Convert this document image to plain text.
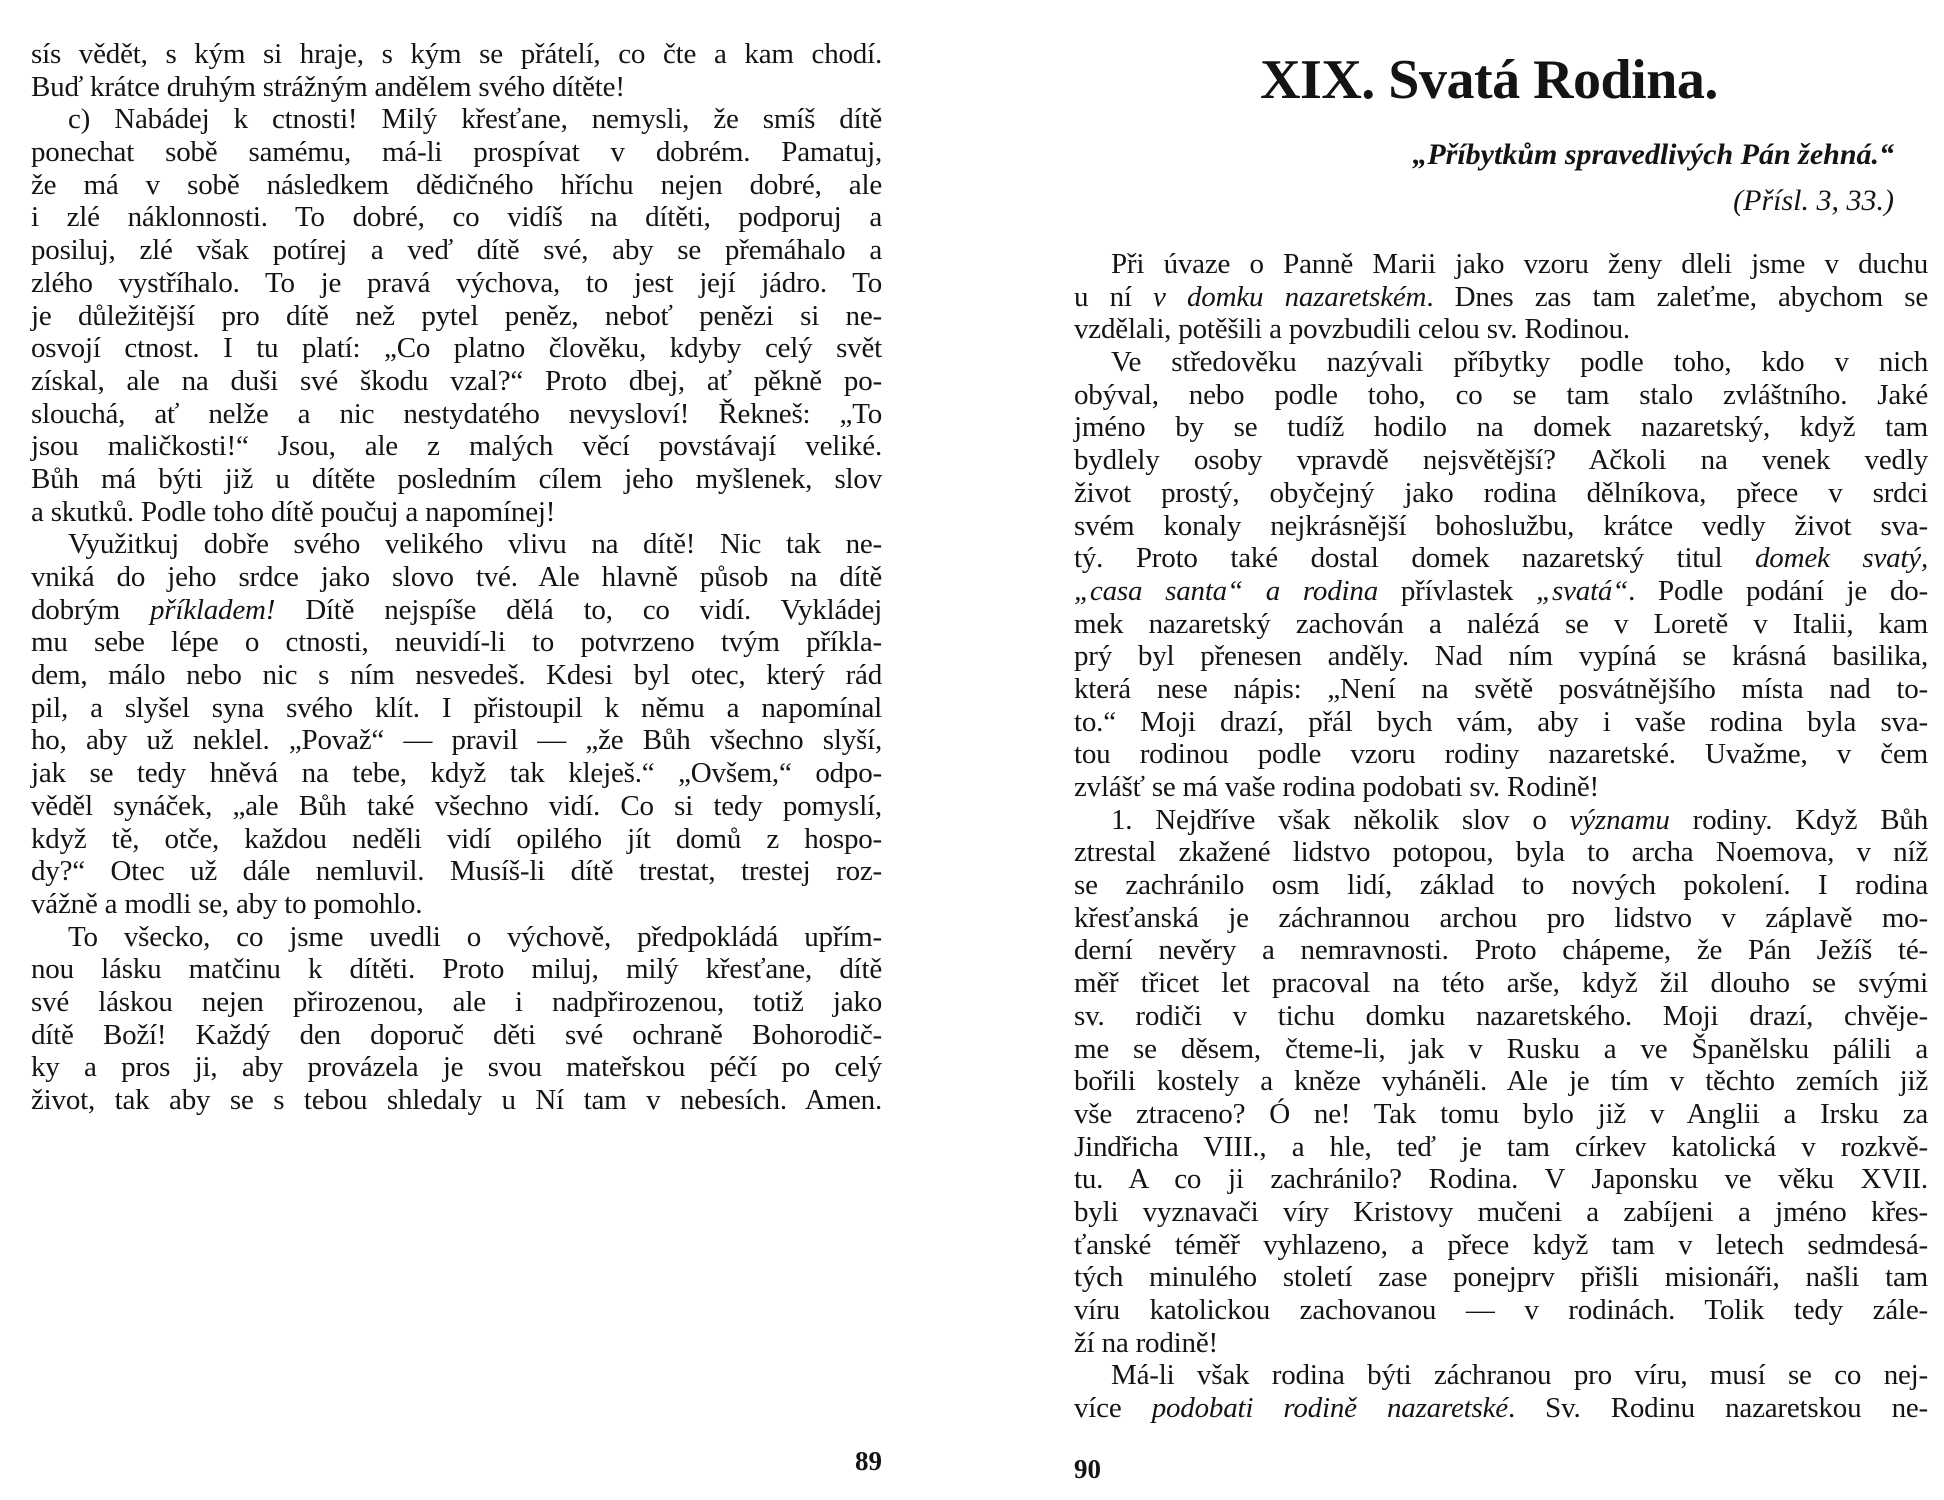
sís vědět, s kým si hraje, s kým se přátelí, co čte a kam chodí.
Buď krátce druhým strážným andělem svého dítěte!
c) Nabádej k ctnosti! Milý křesťane, nemysli, že smíš dítě
ponechat sobě samému, má-li prospívat v dobrém. Pamatuj,
že má v sobě následkem dědičného hříchu nejen dobré, ale
i zlé náklonnosti. To dobré, co vidíš na dítěti, podporuj a
posiluj, zlé však potírej a veď dítě své, aby se přemáhalo a
zlého vystříhalo. To je pravá výchova, to jest její jádro. To
je důležitější pro dítě než pytel peněz, neboť penězi si ne-
osvojí ctnost. I tu platí: „Co platno člověku, kdyby celý svět
získal, ale na duši své škodu vzal?“ Proto dbej, ať pěkně po-
slouchá, ať nelže a nic nestydatého nevysloví! Řekneš: „To
jsou maličkosti!“ Jsou, ale z malých věcí povstávají veliké.
Bůh má býti již u dítěte posledním cílem jeho myšlenek, slov
a skutků. Podle toho dítě poučuj a napomínej!
Využitkuj dobře svého velikého vlivu na dítě! Nic tak ne-
vniká do jeho srdce jako slovo tvé. Ale hlavně působ na dítě
dobrým příkladem! Dítě nejspíše dělá to, co vidí. Vykládej
mu sebe lépe o ctnosti, neuvidí-li to potvrzeno tvým příkla-
dem, málo nebo nic s ním nesvedeš. Kdesi byl otec, který rád
pil, a slyšel syna svého klít. I přistoupil k němu a napomínal
ho, aby už neklel. „Považ“ — pravil — „že Bůh všechno slyší,
jak se tedy hněvá na tebe, když tak kleješ.“ „Ovšem,“ odpo-
věděl synáček, „ale Bůh také všechno vidí. Co si tedy pomyslí,
když tě, otče, každou neděli vidí opilého jít domů z hospo-
dy?“ Otec už dále nemluvil. Musíš-li dítě trestat, trestej roz-
vážně a modli se, aby to pomohlo.
To všecko, co jsme uvedli o výchově, předpokládá upřím-
nou lásku matčinu k dítěti. Proto miluj, milý křesťane, dítě
své láskou nejen přirozenou, ale i nadpřirozenou, totiž jako
dítě Boží! Každý den doporuč děti své ochraně Bohorodič-
ky a pros ji, aby provázela je svou mateřskou péčí po celý
život, tak aby se s tebou shledaly u Ní tam v nebesích. Amen.
XIX. Svatá Rodina.
„Příbytkům spravedlivých Pán žehná.“
(Přísl. 3, 33.)
Při úvaze o Panně Marii jako vzoru ženy dleli jsme v duchu
u ní v domku nazaretském. Dnes zas tam zaleťme, abychom se
vzdělali, potěšili a povzbudili celou sv. Rodinou.
Ve středověku nazývali příbytky podle toho, kdo v nich
obýval, nebo podle toho, co se tam stalo zvláštního. Jaké
jméno by se tudíž hodilo na domek nazaretský, když tam
bydlely osoby vpravdě nejsvětější? Ačkoli na venek vedly
život prostý, obyčejný jako rodina dělníkova, přece v srdci
svém konaly nejkrásnější bohoslužbu, krátce vedly život sva-
tý. Proto také dostal domek nazaretský titul domek svatý,
„casa santa“ a rodina přívlastek „svatá“. Podle podání je do-
mek nazaretský zachován a nalézá se v Loretě v Italii, kam
prý byl přenesen anděly. Nad ním vypíná se krásná basilika,
která nese nápis: „Není na světě posvátnějšího místa nad to-
to.“ Moji drazí, přál bych vám, aby i vaše rodina byla sva-
tou rodinou podle vzoru rodiny nazaretské. Uvažme, v čem
zvlášť se má vaše rodina podobati sv. Rodině!
1. Nejdříve však několik slov o významu rodiny. Když Bůh
ztrestal zkažené lidstvo potopou, byla to archa Noemova, v níž
se zachránilo osm lidí, základ to nových pokolení. I rodina
křesťanská je záchrannou archou pro lidstvo v záplavě mo-
derní nevěry a nemravnosti. Proto chápeme, že Pán Ježíš té-
měř třicet let pracoval na této arše, když žil dlouho se svými
sv. rodiči v tichu domku nazaretského. Moji drazí, chvěje-
me se děsem, čteme-li, jak v Rusku a ve Španělsku pálili a
bořili kostely a kněze vyháněli. Ale je tím v těchto zemích již
vše ztraceno? Ó ne! Tak tomu bylo již v Anglii a Irsku za
Jindřicha VIII., a hle, teď je tam církev katolická v rozkvě-
tu. A co ji zachránilo? Rodina. V Japonsku ve věku XVII.
byli vyznavači víry Kristovy mučeni a zabíjeni a jméno křes-
ťanské téměř vyhlazeno, a přece když tam v letech sedmdesá-
tých minulého století zase ponejprv přišli misionáři, našli tam
víru katolickou zachovanou — v rodinách. Tolik tedy zále-
ží na rodině!
Má-li však rodina býti záchranou pro víru, musí se co nej-
více podobati rodině nazaretské. Sv. Rodinu nazaretskou ne-
89	90
